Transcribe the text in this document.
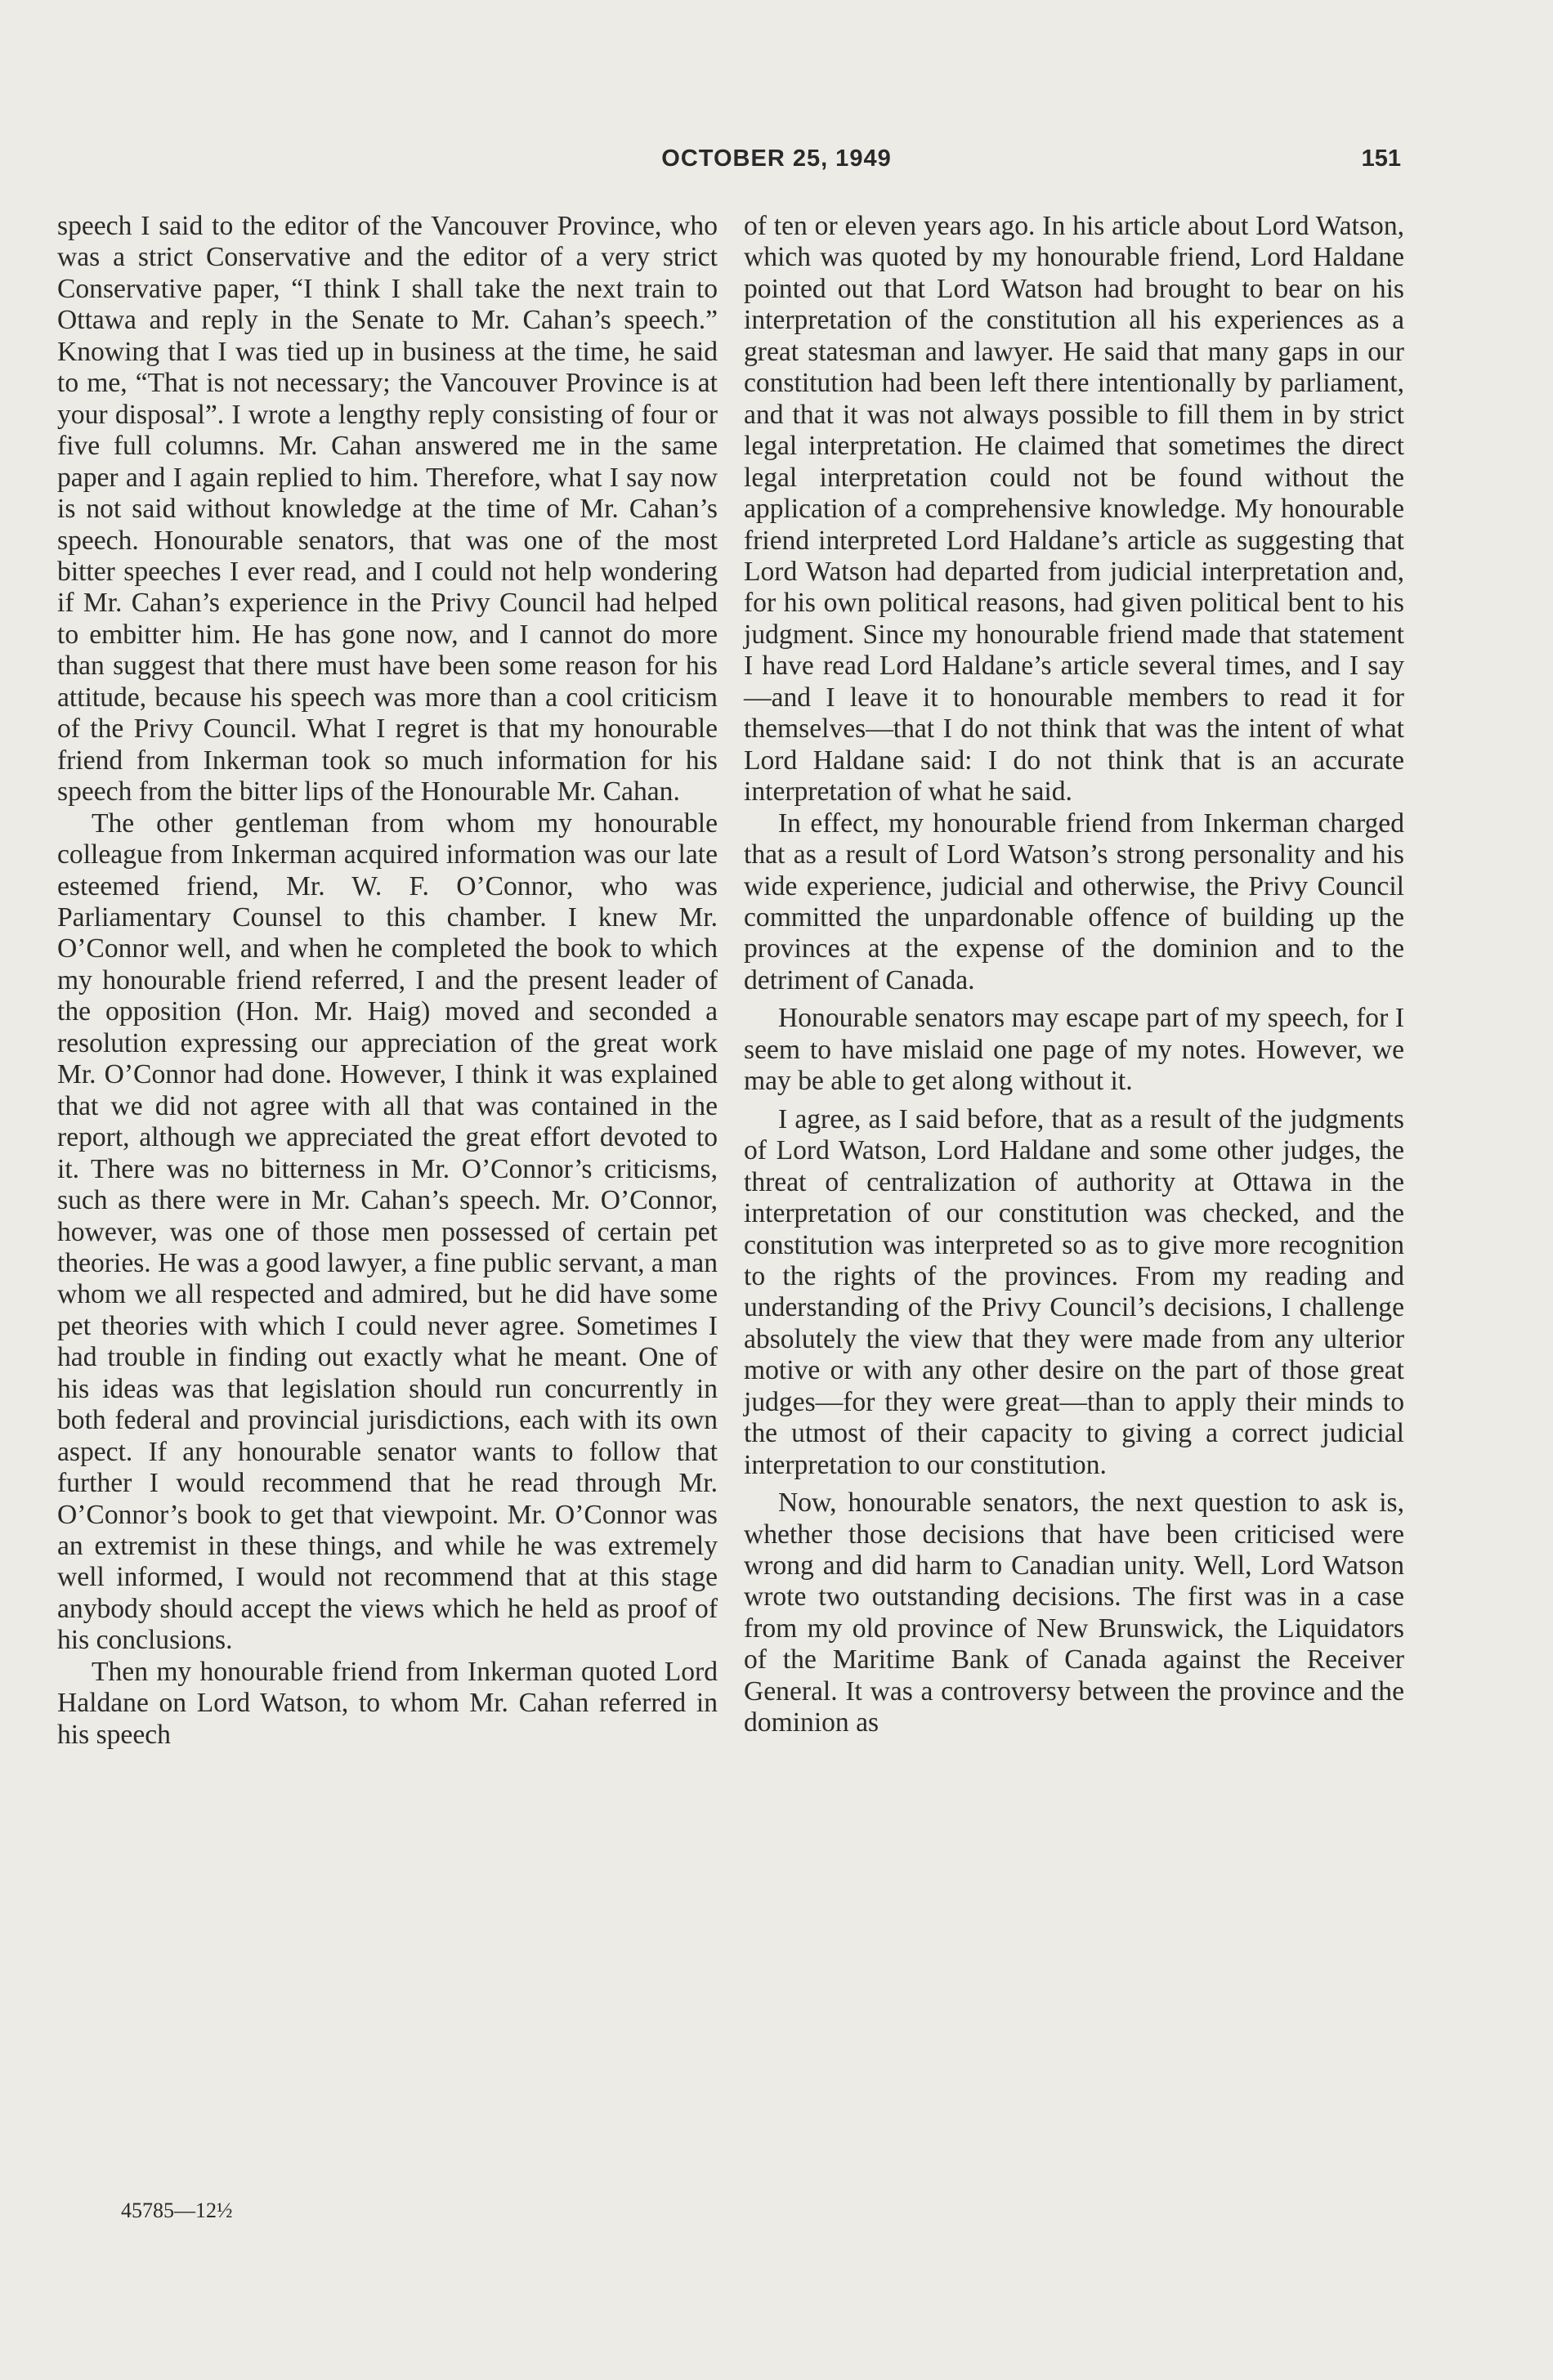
OCTOBER 25, 1949	151

speech I said to the editor of the Vancouver Province, who was a strict Conservative and the editor of a very strict Conservative paper, “I think I shall take the next train to Ottawa and reply in the Senate to Mr. Cahan’s speech.” Knowing that I was tied up in business at the time, he said to me, “That is not necessary; the Vancouver Province is at your disposal”. I wrote a lengthy reply consisting of four or five full columns. Mr. Cahan answered me in the same paper and I again replied to him. Therefore, what I say now is not said without knowledge at the time of Mr. Cahan’s speech. Honourable senators, that was one of the most bitter speeches I ever read, and I could not help wondering if Mr. Cahan’s experience in the Privy Council had helped to embitter him. He has gone now, and I cannot do more than suggest that there must have been some reason for his attitude, because his speech was more than a cool criticism of the Privy Council. What I regret is that my honourable friend from Inkerman took so much information for his speech from the bitter lips of the Honourable Mr. Cahan.

The other gentleman from whom my honourable colleague from Inkerman acquired information was our late esteemed friend, Mr. W. F. O’Connor, who was Parliamentary Counsel to this chamber. I knew Mr. O’Connor well, and when he completed the book to which my honourable friend referred, I and the present leader of the opposition (Hon. Mr. Haig) moved and seconded a resolution expressing our appreciation of the great work Mr. O’Connor had done. However, I think it was explained that we did not agree with all that was contained in the report, although we appreciated the great effort devoted to it. There was no bitterness in Mr. O’Connor’s criticisms, such as there were in Mr. Cahan’s speech. Mr. O’Connor, however, was one of those men possessed of certain pet theories. He was a good lawyer, a fine public servant, a man whom we all respected and admired, but he did have some pet theories with which I could never agree. Sometimes I had trouble in finding out exactly what he meant. One of his ideas was that legislation should run concurrently in both federal and provincial jurisdictions, each with its own aspect. If any honourable senator wants to follow that further I would recommend that he read through Mr. O’Connor’s book to get that viewpoint. Mr. O’Connor was an extremist in these things, and while he was extremely well informed, I would not recommend that at this stage anybody should accept the views which he held as proof of his conclusions.

Then my honourable friend from Inkerman quoted Lord Haldane on Lord Watson, to whom Mr. Cahan referred in his speech

of ten or eleven years ago. In his article about Lord Watson, which was quoted by my honourable friend, Lord Haldane pointed out that Lord Watson had brought to bear on his interpretation of the constitution all his experiences as a great statesman and lawyer. He said that many gaps in our constitution had been left there intentionally by parliament, and that it was not always possible to fill them in by strict legal interpretation. He claimed that sometimes the direct legal interpretation could not be found without the application of a comprehensive knowledge. My honourable friend interpreted Lord Haldane’s article as suggesting that Lord Watson had departed from judicial interpretation and, for his own political reasons, had given political bent to his judgment. Since my honourable friend made that statement I have read Lord Haldane’s article several times, and I say—and I leave it to honourable members to read it for themselves—that I do not think that was the intent of what Lord Haldane said: I do not think that is an accurate interpretation of what he said.

In effect, my honourable friend from Inkerman charged that as a result of Lord Watson’s strong personality and his wide experience, judicial and otherwise, the Privy Council committed the unpardonable offence of building up the provinces at the expense of the dominion and to the detriment of Canada.

Honourable senators may escape part of my speech, for I seem to have mislaid one page of my notes. However, we may be able to get along without it.

I agree, as I said before, that as a result of the judgments of Lord Watson, Lord Haldane and some other judges, the threat of centralization of authority at Ottawa in the interpretation of our constitution was checked, and the constitution was interpreted so as to give more recognition to the rights of the provinces. From my reading and understanding of the Privy Council’s decisions, I challenge absolutely the view that they were made from any ulterior motive or with any other desire on the part of those great judges—for they were great—than to apply their minds to the utmost of their capacity to giving a correct judicial interpretation to our constitution.

Now, honourable senators, the next question to ask is, whether those decisions that have been criticised were wrong and did harm to Canadian unity. Well, Lord Watson wrote two outstanding decisions. The first was in a case from my old province of New Brunswick, the Liquidators of the Maritime Bank of Canada against the Receiver General. It was a controversy between the province and the dominion as

45785—12½
